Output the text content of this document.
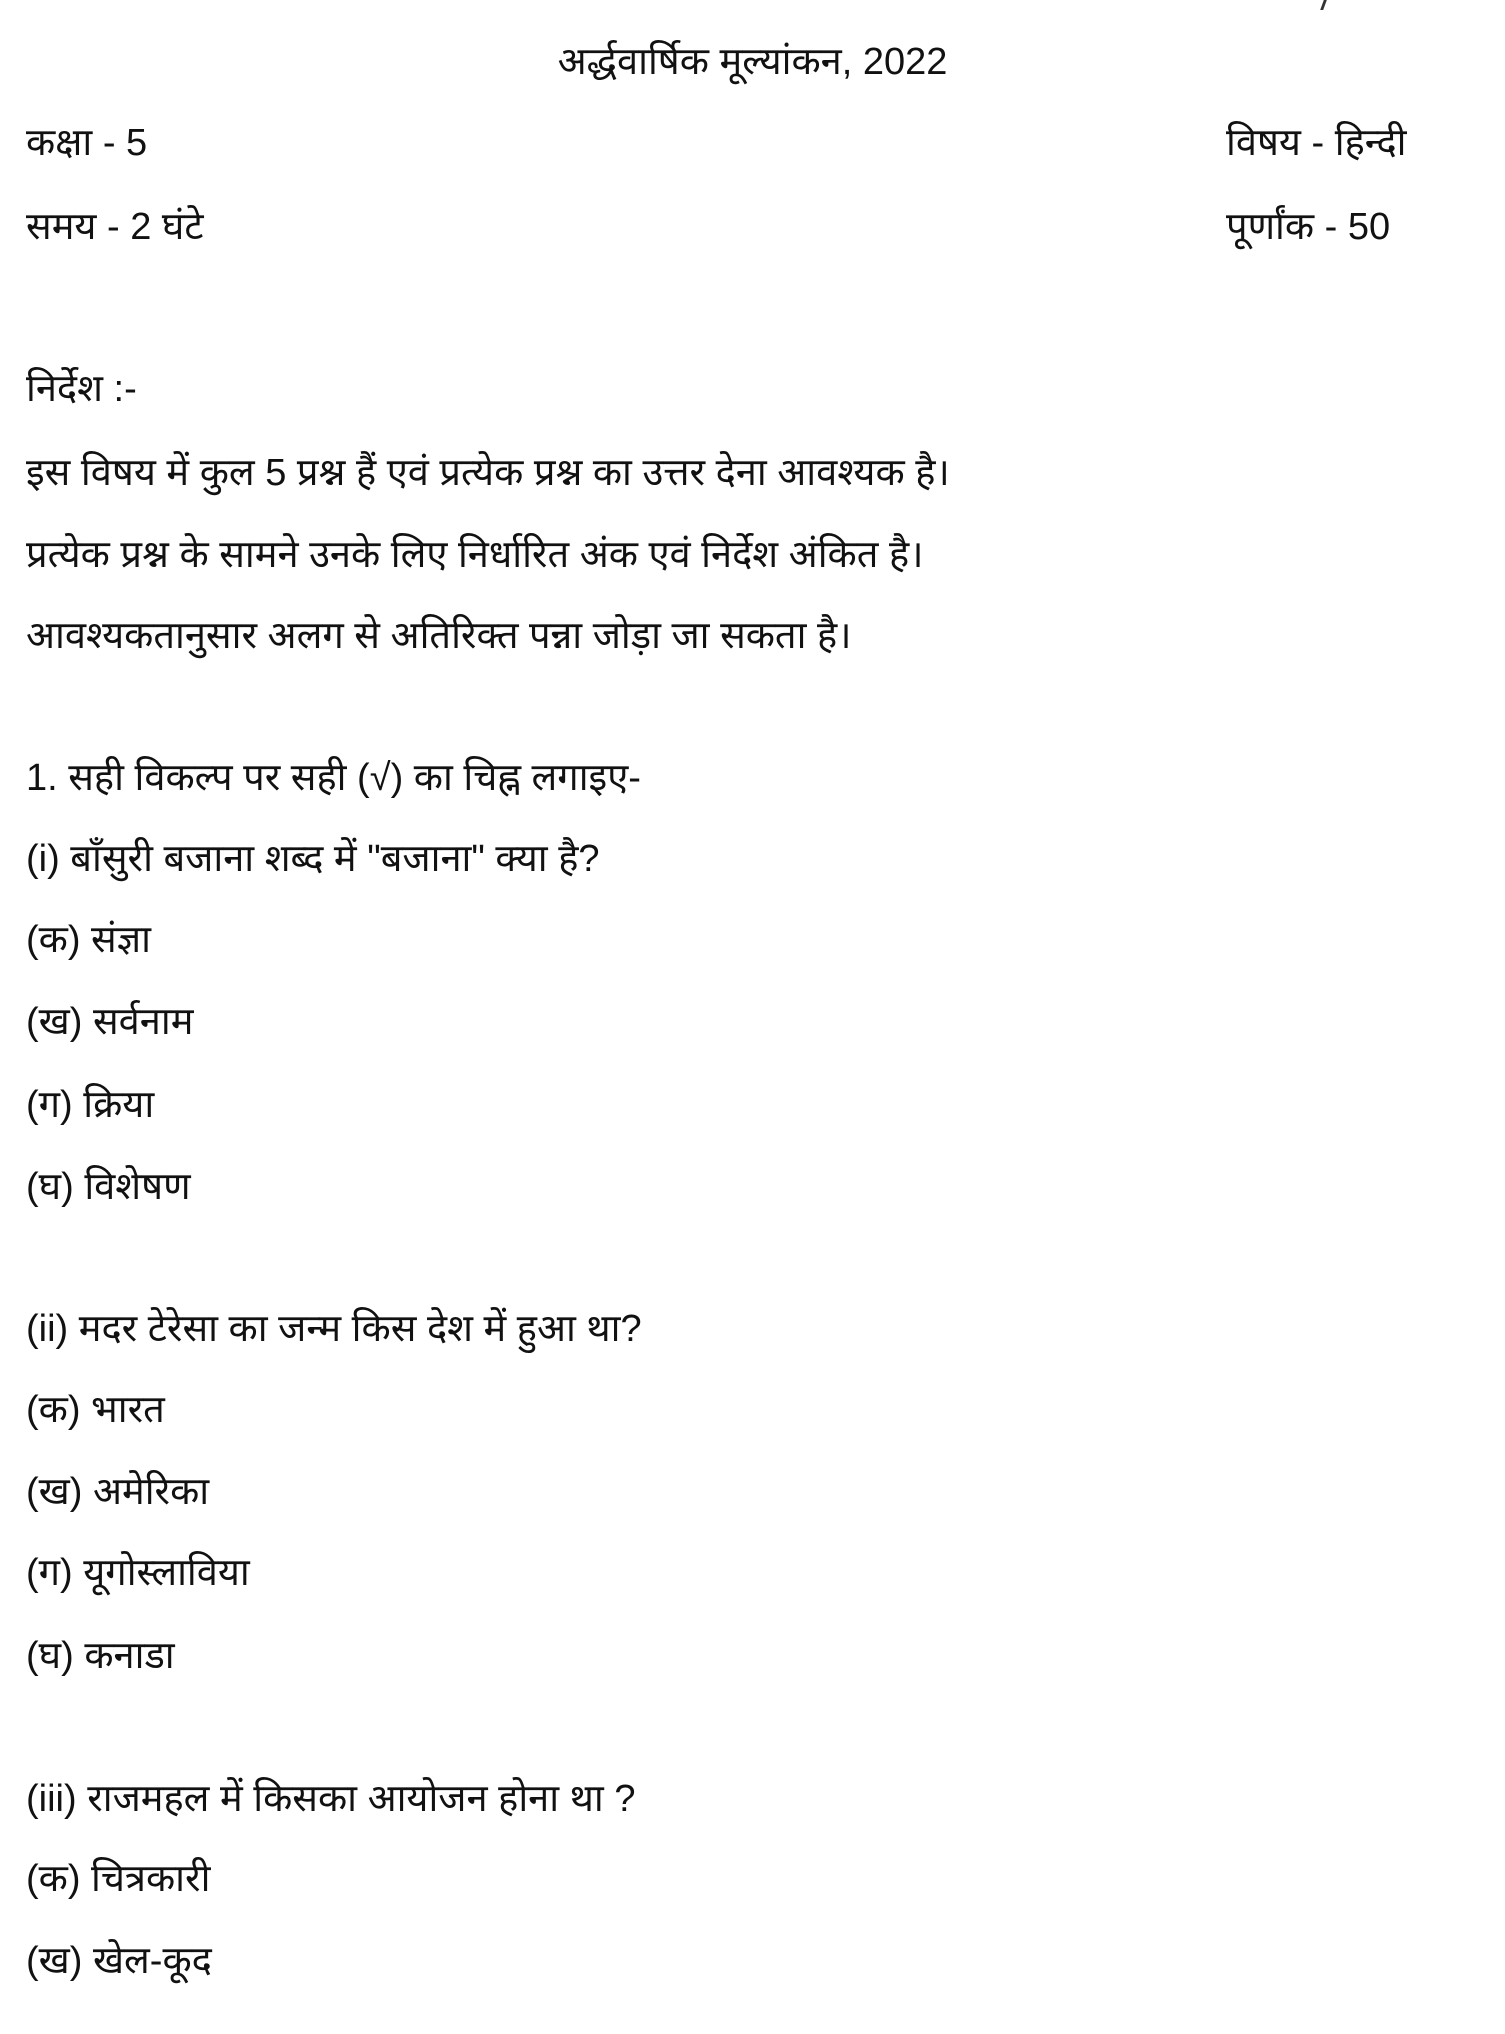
अर्द्धवार्षिक मूल्यांकन, 2022
कक्षा - 5	विषय - हिन्दी
समय - 2 घंटे	पूर्णांक - 50
निर्देश :-
इस विषय में कुल 5 प्रश्न हैं एवं प्रत्येक प्रश्न का उत्तर देना आवश्यक है।
प्रत्येक प्रश्न के सामने उनके लिए निर्धारित अंक एवं निर्देश अंकित है।
आवश्यकतानुसार अलग से अतिरिक्त पन्ना जोड़ा जा सकता है।
1. सही विकल्प पर सही (√) का चिह्न लगाइए-
(i) बाँसुरी बजाना शब्द में "बजाना" क्या है?
(क) संज्ञा
(ख) सर्वनाम
(ग) क्रिया
(घ) विशेषण
(ii) मदर टेरेसा का जन्म किस देश में हुआ था?
(क) भारत
(ख) अमेरिका
(ग) यूगोस्लाविया
(घ) कनाडा
(iii) राजमहल में किसका आयोजन होना था ?
(क) चित्रकारी
(ख) खेल-कूद
